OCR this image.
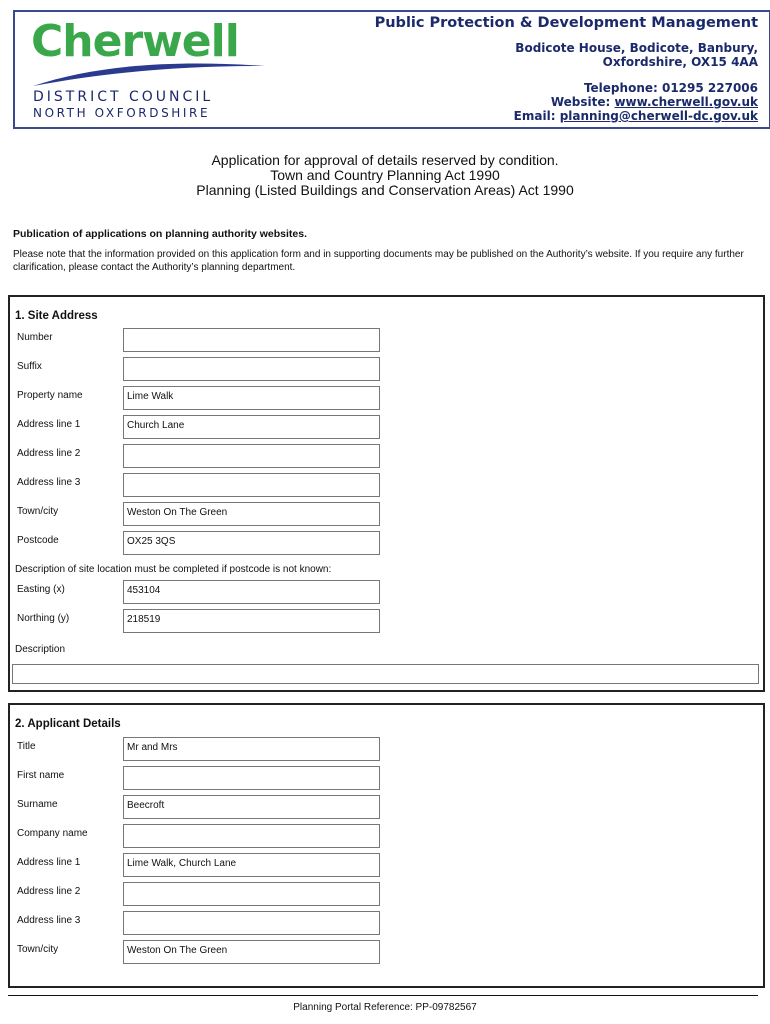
Cherwell
DISTRICT COUNCIL
NORTH OXFORDSHIRE
Public Protection & Development Management
Bodicote House, Bodicote, Banbury,
Oxfordshire, OX15 4AA
Telephone: 01295 227006
Website: www.cherwell.gov.uk
Email: planning@cherwell-dc.gov.uk
Application for approval of details reserved by condition.
Town and Country Planning Act 1990
Planning (Listed Buildings and Conservation Areas) Act 1990
Publication of applications on planning authority websites.
Please note that the information provided on this application form and in supporting documents may be published on the Authority’s website. If you require any further clarification, please contact the Authority’s planning department.
1. Site Address
Number
Suffix
Property name	Lime Walk
Address line 1	Church Lane
Address line 2
Address line 3
Town/city	Weston On The Green
Postcode	OX25 3QS
Description of site location must be completed if postcode is not known:
Easting (x)	453104
Northing (y)	218519
Description
2. Applicant Details
Title	Mr and Mrs
First name
Surname	Beecroft
Company name
Address line 1	Lime Walk, Church Lane
Address line 2
Address line 3
Town/city	Weston On The Green
Planning Portal Reference: PP-09782567
